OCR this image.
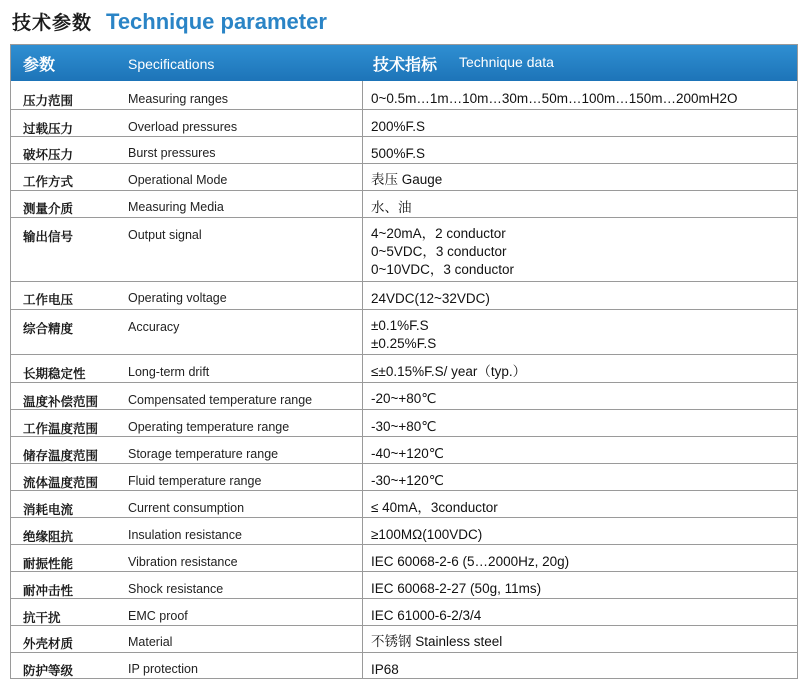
技术参数 Technique parameter
参数	Specifications	技术指标 Technique data
压力范围	Measuring ranges	0~0.5m…1m…10m…30m…50m…100m…150m…200mH2O
过载压力	Overload pressures	200%F.S
破坏压力	Burst pressures	500%F.S
工作方式	Operational Mode	表压 Gauge
测量介质	Measuring Media	水、油
输出信号	Output signal	4~20mA，2 conductor
0~5VDC，3 conductor
0~10VDC，3 conductor
工作电压	Operating voltage	24VDC(12~32VDC)
综合精度	Accuracy	±0.1%F.S
±0.25%F.S
长期稳定性	Long-term drift	≤±0.15%F.S/ year（typ.）
温度补偿范围 Compensated temperature range	-20~+80℃
工作温度范围 Operating temperature range	-30~+80℃
储存温度范围 Storage temperature range	-40~+120℃
流体温度范围 Fluid temperature range	-30~+120℃
消耗电流	Current consumption	≤ 40mA，3conductor
绝缘阻抗	Insulation resistance	≥100MΩ(100VDC)
耐振性能	Vibration resistance	IEC 60068-2-6 (5…2000Hz, 20g)
耐冲击性	Shock resistance	IEC 60068-2-27 (50g, 11ms)
抗干扰	EMC proof	IEC 61000-6-2/3/4
外壳材质	Material	不锈钢 Stainless steel
防护等级	IP protection	IP68
